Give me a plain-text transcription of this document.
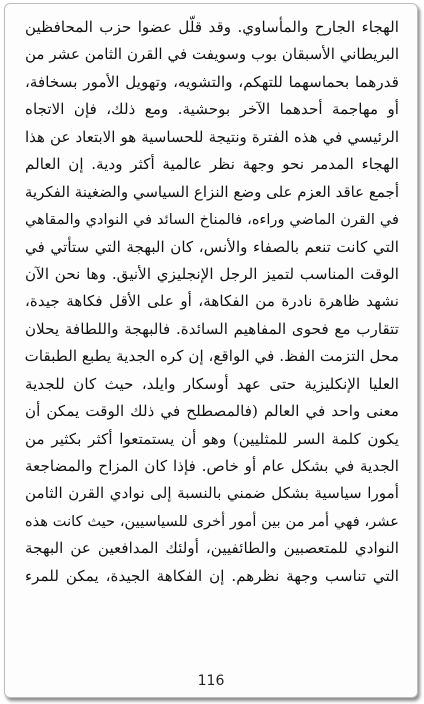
الهجاء الجارح والمأساوي. وقد قلّل عضوا حزب المحافظين
البريطاني الأسبقان بوب وسويفت في القرن الثامن عشر من
قدرهما بحماسهما للتهكم، والتشويه، وتهويل الأمور بسخافة،
أو مهاجمة أحدهما الآخر بوحشية. ومع ذلك، فإن الاتجاه
الرئيسي في هذه الفترة ونتيجة للحساسية هو الابتعاد عن هذا
الهجاء المدمر نحو وجهة نظر عالمية أكثر ودية. إن العالم
أجمع عاقد العزم على وضع النزاع السياسي والضغينة الفكرية
في القرن الماضي وراءه، فالمناخ السائد في النوادي والمقاهي
التي كانت تنعم بالصفاء والأنس، كان البهجة التي ستأتي في
الوقت المناسب لتميز الرجل الإنجليزي الأنيق. وها نحن الآن
نشهد ظاهرة نادرة من الفكاهة، أو على الأقل فكاهة جيدة،
تتقارب مع فحوى المفاهيم السائدة. فالبهجة واللطافة يحلان
محل التزمت الفظ. في الواقع، إن كره الجدية يطبع الطبقات
العليا الإنكليزية حتى عهد أوسكار وايلد، حيث كان للجدية
معنى واحد في العالم (فالمصطلح في ذلك الوقت يمكن أن
يكون كلمة السر للمثليين) وهو أن يستمتعوا أكثر بكثير من
الجدية في بشكل عام أو خاص. فإذا كان المزاح والمضاجعة
أمورا سياسية بشكل ضمني بالنسبة إلى نوادي القرن الثامن
عشر، فهي أمر من بين أمور أخرى للسياسيين، حيث كانت هذه
النوادي للمتعصبين والطائفيين، أولئك المدافعين عن البهجة
التي تناسب وجهة نظرهم. إن الفكاهة الجيدة، يمكن للمرء
116
